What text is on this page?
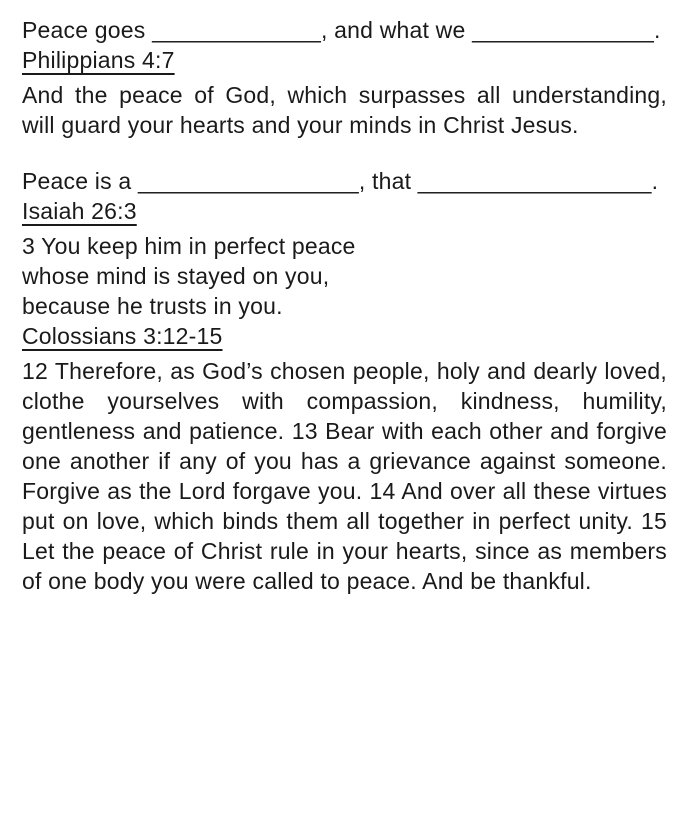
Peace goes _____________, and what we ______________.

Philippians 4:7

And the peace of God, which surpasses all understanding, will guard your hearts and your minds in Christ Jesus.

Peace is a _________________, that __________________.

Isaiah 26:3

3 You keep him in perfect peace
whose mind is stayed on you,
because he trusts in you.

Colossians 3:12-15

12 Therefore, as God’s chosen people, holy and dearly loved, clothe yourselves with compassion, kindness, humility, gentleness and patience. 13 Bear with each other and forgive one another if any of you has a grievance against someone. Forgive as the Lord forgave you. 14 And over all these virtues put on love, which binds them all together in perfect unity. 15 Let the peace of Christ rule in your hearts, since as members of one body you were called to peace. And be thankful.
